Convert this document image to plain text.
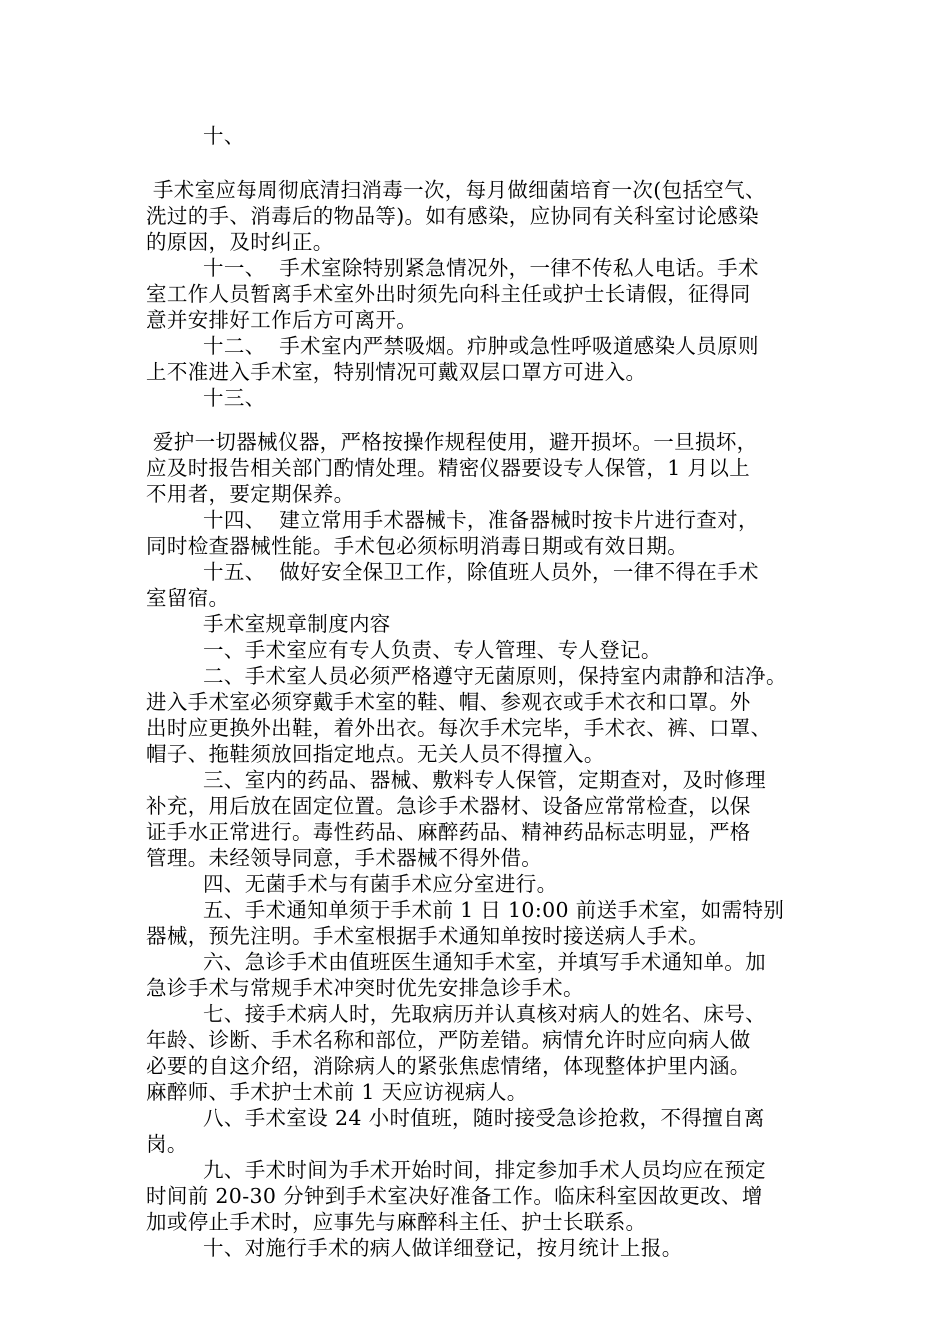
十、
手术室应每周彻底清扫消毒一次，每月做细菌培育一次(包括空气、
洗过的手、消毒后的物品等)。如有感染，应协同有关科室讨论感染
的原因，及时纠正。
十一、  手术室除特别紧急情况外，一律不传私人电话。手术
室工作人员暂离手术室外出时须先向科主任或护士长请假，征得同
意并安排好工作后方可离开。
十二、  手术室内严禁吸烟。疖肿或急性呼吸道感染人员原则
上不准进入手术室，特别情况可戴双层口罩方可进入。
十三、
爱护一切器械仪器，严格按操作规程使用，避开损坏。一旦损坏，
应及时报告相关部门酌情处理。精密仪器要设专人保管，1 月以上
不用者，要定期保养。
十四、  建立常用手术器械卡，准备器械时按卡片进行查对，
同时检查器械性能。手术包必须标明消毒日期或有效日期。
十五、  做好安全保卫工作，除值班人员外，一律不得在手术
室留宿。
手术室规章制度内容
一、手术室应有专人负责、专人管理、专人登记。
二、手术室人员必须严格遵守无菌原则，保持室内肃静和洁净。
进入手术室必须穿戴手术室的鞋、帽、参观衣或手术衣和口罩。外
出时应更换外出鞋，着外出衣。每次手术完毕，手术衣、裤、口罩、
帽子、拖鞋须放回指定地点。无关人员不得擅入。
三、室内的药品、器械、敷料专人保管，定期查对，及时修理
补充，用后放在固定位置。急诊手术器材、设备应常常检查，以保
证手水正常进行。毒性药品、麻醉药品、精神药品标志明显，严格
管理。未经领导同意，手术器械不得外借。
四、无菌手术与有菌手术应分室进行。
五、手术通知单须于手术前 1 日 10:00 前送手术室，如需特别
器械，预先注明。手术室根据手术通知单按时接送病人手术。
六、急诊手术由值班医生通知手术室，并填写手术通知单。加
急诊手术与常规手术冲突时优先安排急诊手术。
七、接手术病人时，先取病历并认真核对病人的姓名、床号、
年龄、诊断、手术名称和部位，严防差错。病情允许时应向病人做
必要的自这介绍，消除病人的紧张焦虑情绪，体现整体护里内涵。
麻醉师、手术护士术前 1 天应访视病人。
八、手术室设 24 小时值班，随时接受急诊抢救，不得擅自离
岗。
九、手术时间为手术开始时间，排定参加手术人员均应在预定
时间前 20-30 分钟到手术室决好准备工作。临床科室因故更改、增
加或停止手术时，应事先与麻醉科主任、护士长联系。
十、对施行手术的病人做详细登记，按月统计上报。
